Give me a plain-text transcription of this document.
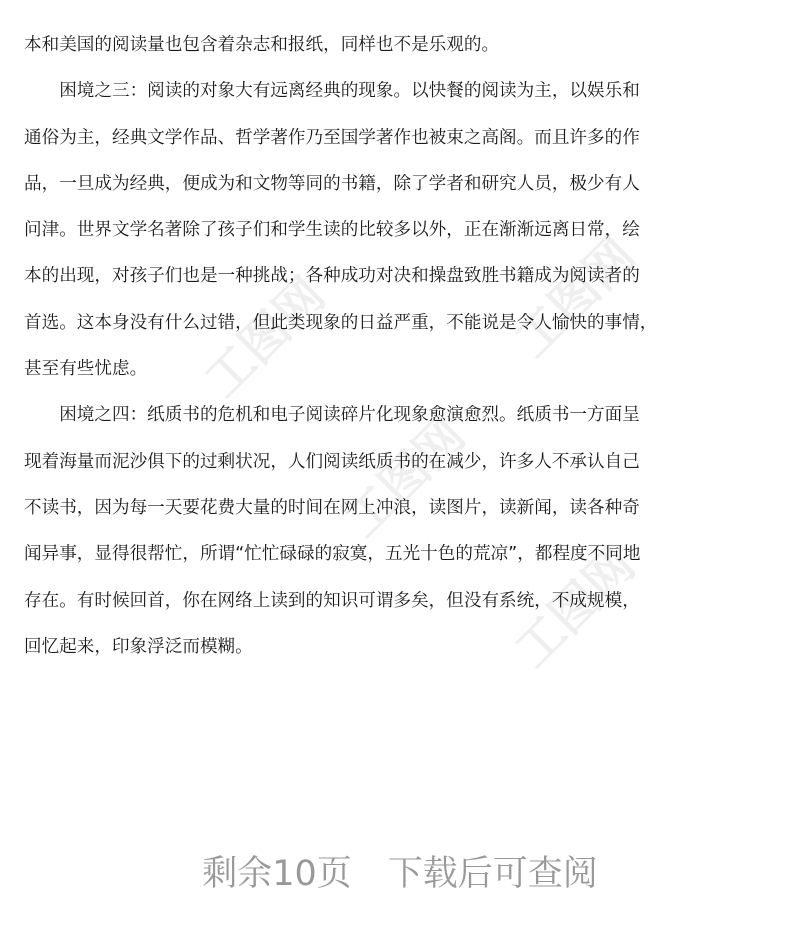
工图网	工图网
工图网
工图网
本和美国的阅读量也包含着杂志和报纸，同样也不是乐观的。
　　困境之三：阅读的对象大有远离经典的现象。以快餐的阅读为主，以娱乐和
通俗为主，经典文学作品、哲学著作乃至国学著作也被束之高阁。而且许多的作
品，一旦成为经典，便成为和文物等同的书籍，除了学者和研究人员，极少有人
问津。世界文学名著除了孩子们和学生读的比较多以外，正在渐渐远离日常，绘
本的出现，对孩子们也是一种挑战；各种成功对决和操盘致胜书籍成为阅读者的
首选。这本身没有什么过错，但此类现象的日益严重，不能说是令人愉快的事情，
甚至有些忧虑。
　　困境之四：纸质书的危机和电子阅读碎片化现象愈演愈烈。纸质书一方面呈
现着海量而泥沙俱下的过剩状况，人们阅读纸质书的在减少，许多人不承认自己
不读书，因为每一天要花费大量的时间在网上冲浪，读图片，读新闻，读各种奇
闻异事，显得很帮忙，所谓“忙忙碌碌的寂寞，五光十色的荒凉”，都程度不同地
存在。有时候回首，你在网络上读到的知识可谓多矣，但没有系统，不成规模，
回忆起来，印象浮泛而模糊。
剩余10页 下载后可查阅
